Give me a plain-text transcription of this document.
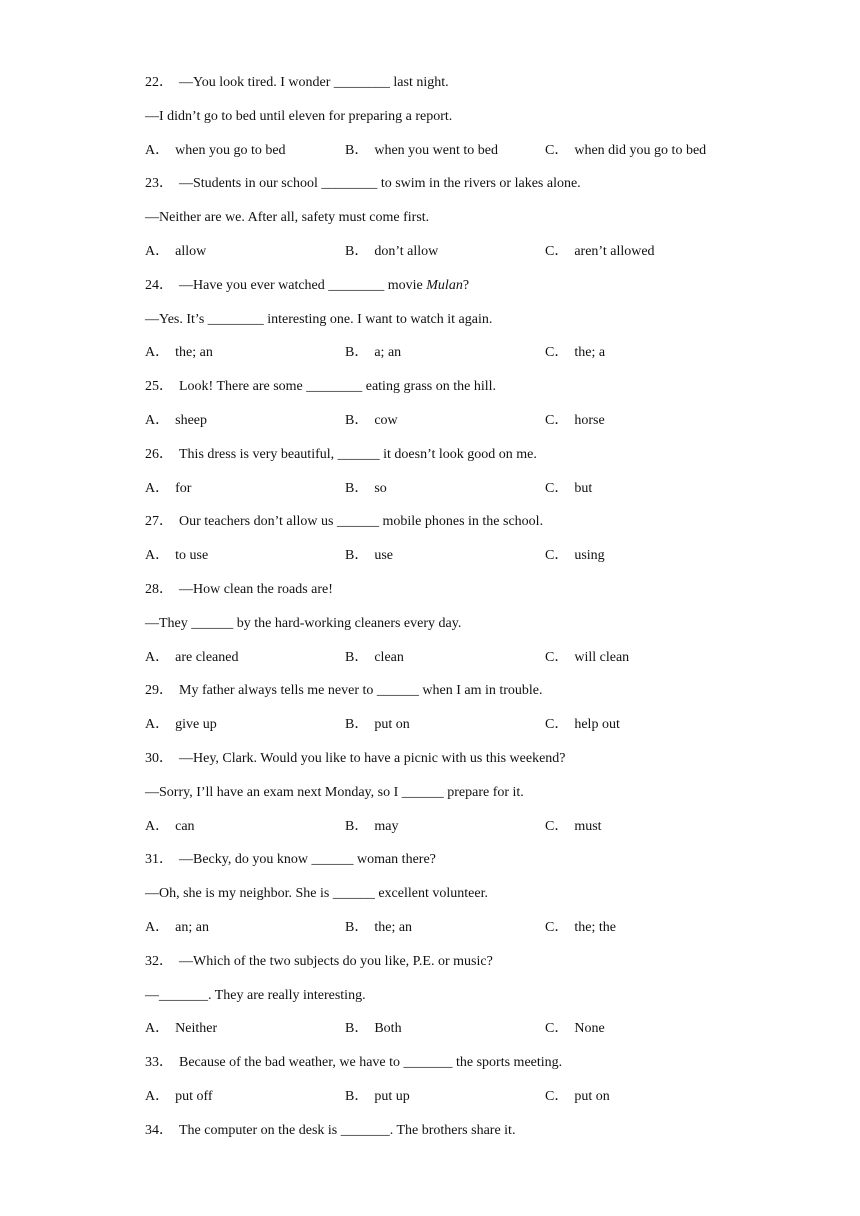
22． —You look tired. I wonder ________ last night.
—I didn’t go to bed until eleven for preparing a report.
A． when you go to bed	B． when you went to bed	C． when did you go to bed
23． —Students in our school ________ to swim in the rivers or lakes alone.
—Neither are we. After all, safety must come first.
A． allow	B． don’t allow	C． aren’t allowed
24． —Have you ever watched ________ movie Mulan?
—Yes. It’s ________ interesting one. I want to watch it again.
A． the; an	B． a; an	C． the; a
25． Look! There are some ________ eating grass on the hill.
A． sheep	B． cow	C． horse
26． This dress is very beautiful, ______ it doesn’t look good on me.
A． for	B． so	C． but
27． Our teachers don’t allow us ______ mobile phones in the school.
A． to use	B． use	C． using
28． —How clean the roads are!
—They ______ by the hard-working cleaners every day.
A． are cleaned	B． clean	C． will clean
29． My father always tells me never to ______ when I am in trouble.
A． give up	B． put on	C． help out
30． —Hey, Clark. Would you like to have a picnic with us this weekend?
—Sorry, I’ll have an exam next Monday, so I ______ prepare for it.
A． can	B． may	C． must
31． —Becky, do you know ______ woman there?
—Oh, she is my neighbor. She is ______ excellent volunteer.
A． an; an	B． the; an	C． the; the
32． —Which of the two subjects do you like, P.E. or music?
—_______. They are really interesting.
A． Neither	B． Both	C． None
33． Because of the bad weather, we have to _______ the sports meeting.
A． put off	B． put up	C． put on
34． The computer on the desk is _______. The brothers share it.
